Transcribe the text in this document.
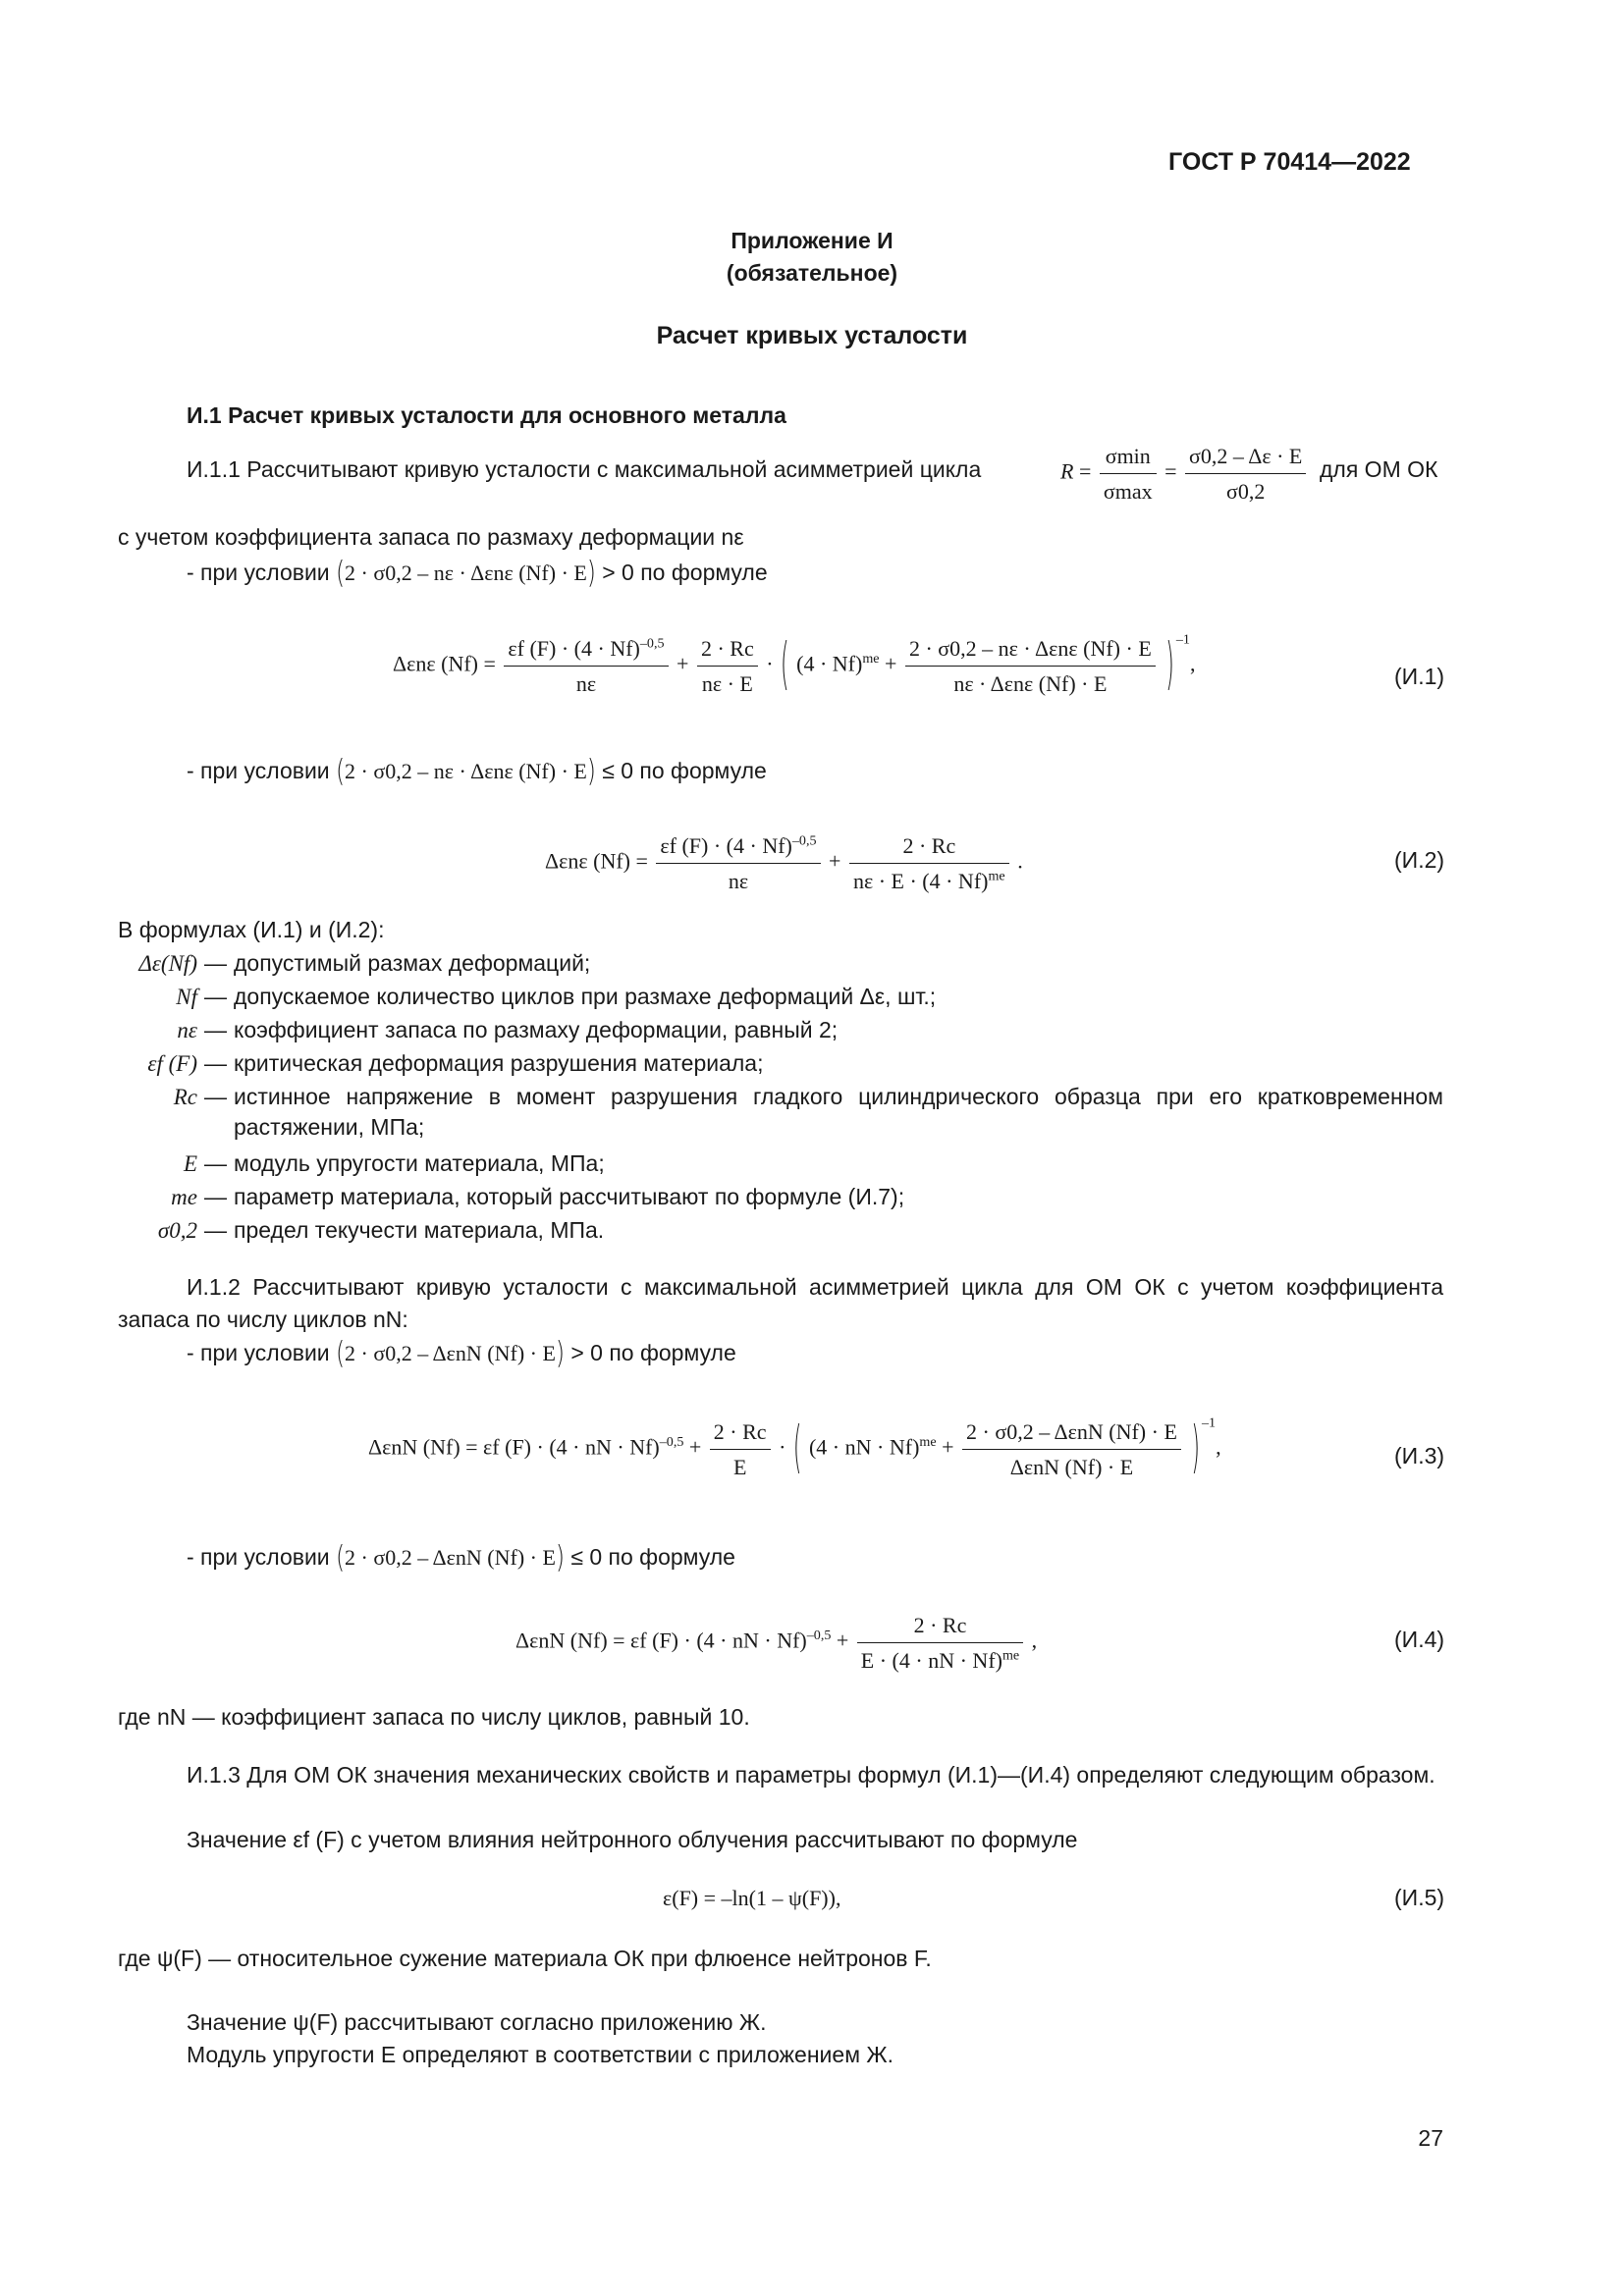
ГОСТ Р 70414—2022
Приложение И
(обязательное)
Расчет кривых усталости
И.1 Расчет кривых усталости для основного металла
И.1.1 Рассчитывают кривую усталости с максимальной асимметрией цикла	$R = \frac{\sigma\min}{\sigma\max} = \frac{\sigma 0,2 - \Delta\varepsilon \cdot E}{\sigma 0,2}$ для ОМ ОК
с учетом коэффициента запаса по размаху деформации nε
- при условии (2 · σ0,2 – nε · Δεnε (Nf) · E) > 0 по формуле
Δεnε $(Nf) = \frac{\varepsilon f (F) \cdot (4 \cdot Nf)^{-0,5}}{n\varepsilon} + \frac{2 \cdot Rc}{n\varepsilon \cdot E}$ · ( $(4 \cdot Nf)^{me} + \frac{\text{2 · σ0,2 – nε · Δεnε (Nf) · E}}{\text{nε · Δεnε (Nf) · E}}$ ) $^{-1}$,	(И.1)
- при условии (2 · σ0,2 – nε · Δεnε (Nf) · E) ≤ 0 по формуле
Δεnε $(Nf) = \frac{\varepsilon f (F) \cdot (4 \cdot Nf)^{-0,5}}{n\varepsilon} + \frac{2 \cdot Rc}{n\varepsilon \cdot E \cdot (4 \cdot Nf)^{me}}$ .	(И.2)
В формулах (И.1) и (И.2):
И.1.2 Рассчитывают кривую усталости с максимальной асимметрией цикла для ОМ ОК с учетом коэффициента запаса по числу циклов nN:
- при условии (2 · σ0,2 – ΔεnN (Nf) · E) > 0 по формуле
ΔεnN (Nf) = εf (F) · (4 · nN · $Nf)^{-0,5} + \frac{2 \cdot Rc}{E}$ · ( (4 · nN · $Nf)^{me} + \frac{\text{2 · σ0,2 – ΔεnN (Nf) · E}}{\text{ΔεnN (Nf) · E}}$ ) $^{-1}$,	(И.3)
- при условии (2 · σ0,2 – ΔεnN (Nf) · E) ≤ 0 по формуле
ΔεnN (Nf) = εf (F) · (4 · nN · $Nf)^{-0,5} + \frac{2 \cdot Rc}{E \cdot (4 \cdot nN \cdot Nf)^{me}}$ ,	(И.4)
где nN — коэффициент запаса по числу циклов, равный 10.
И.1.3 Для ОМ ОК значения механических свойств и параметры формул (И.1)—(И.4) определяют следующим образом.
Значение εf (F) с учетом влияния нейтронного облучения рассчитывают по формуле
ε(F) = –ln(1 – ψ(F)),	(И.5)
где ψ(F) — относительное сужение материала ОК при флюенсе нейтронов F.
Значение ψ(F) рассчитывают согласно приложению Ж.
Модуль упругости E определяют в соответствии с приложением Ж.
27
Δε(Nf) — допустимый размах деформаций;
Nf — допускаемое количество циклов при размахе деформаций Δε, шт.;
nε — коэффициент запаса по размаху деформации, равный 2;
εf (F) — критическая деформация разрушения материала;
Rc — истинное напряжение в момент разрушения гладкого цилиндрического образца при его кратковременном растяжении, МПа;
E — модуль упругости материала, МПа;
me — параметр материала, который рассчитывают по формуле (И.7);
σ0,2 — предел текучести материала, МПа.
